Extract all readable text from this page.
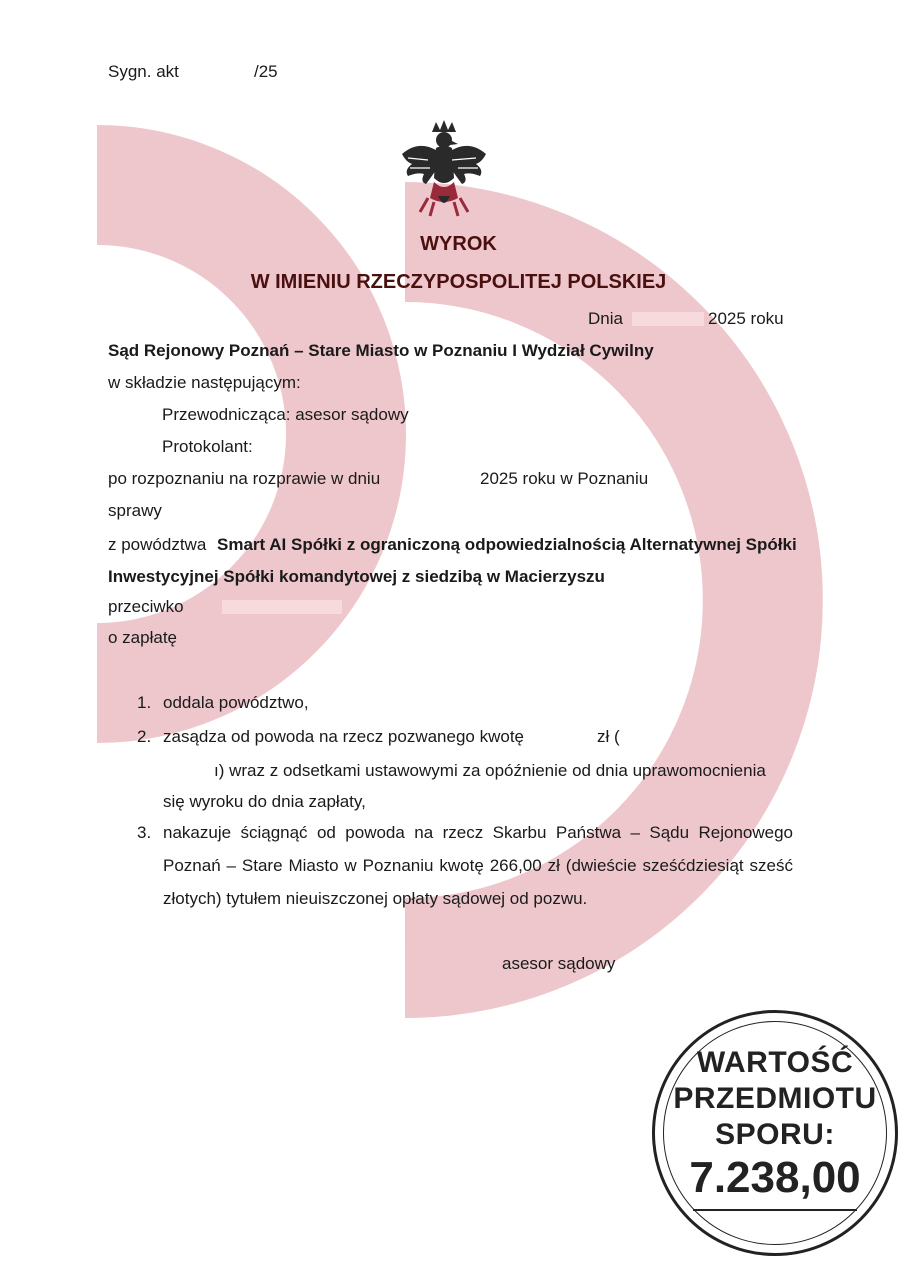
Sygn. akt	/25
WYROK
W IMIENIU RZECZYPOSPOLITEJ POLSKIEJ
Dnia	2025 roku
Sąd Rejonowy Poznań – Stare Miasto w Poznaniu I Wydział Cywilny
w składzie następującym:
Przewodnicząca: asesor sądowy
Protokolant:
po rozpoznaniu na rozprawie w dniu	2025 roku w Poznaniu
sprawy
z powództwa Smart AI Spółki z ograniczoną odpowiedzialnością Alternatywnej Spółki
Inwestycyjnej Spółki komandytowej z siedzibą w Macierzyszu
przeciwko
o zapłatę
1. oddala powództwo,
2. zasądza od powoda na rzecz pozwanego kwotę	zł (
ı) wraz z odsetkami ustawowymi za opóźnienie od dnia uprawomocnienia
się wyroku do dnia zapłaty,
3. nakazuje ściągnąć od powoda na rzecz Skarbu Państwa – Sądu Rejonowego Poznań – Stare Miasto w Poznaniu kwotę 266,00 zł (dwieście sześćdziesiąt sześć złotych) tytułem nieuiszczonej opłaty sądowej od pozwu.
asesor sądowy
WARTOŚĆ
PRZEDMIOTU
SPORU:
7.238,00
